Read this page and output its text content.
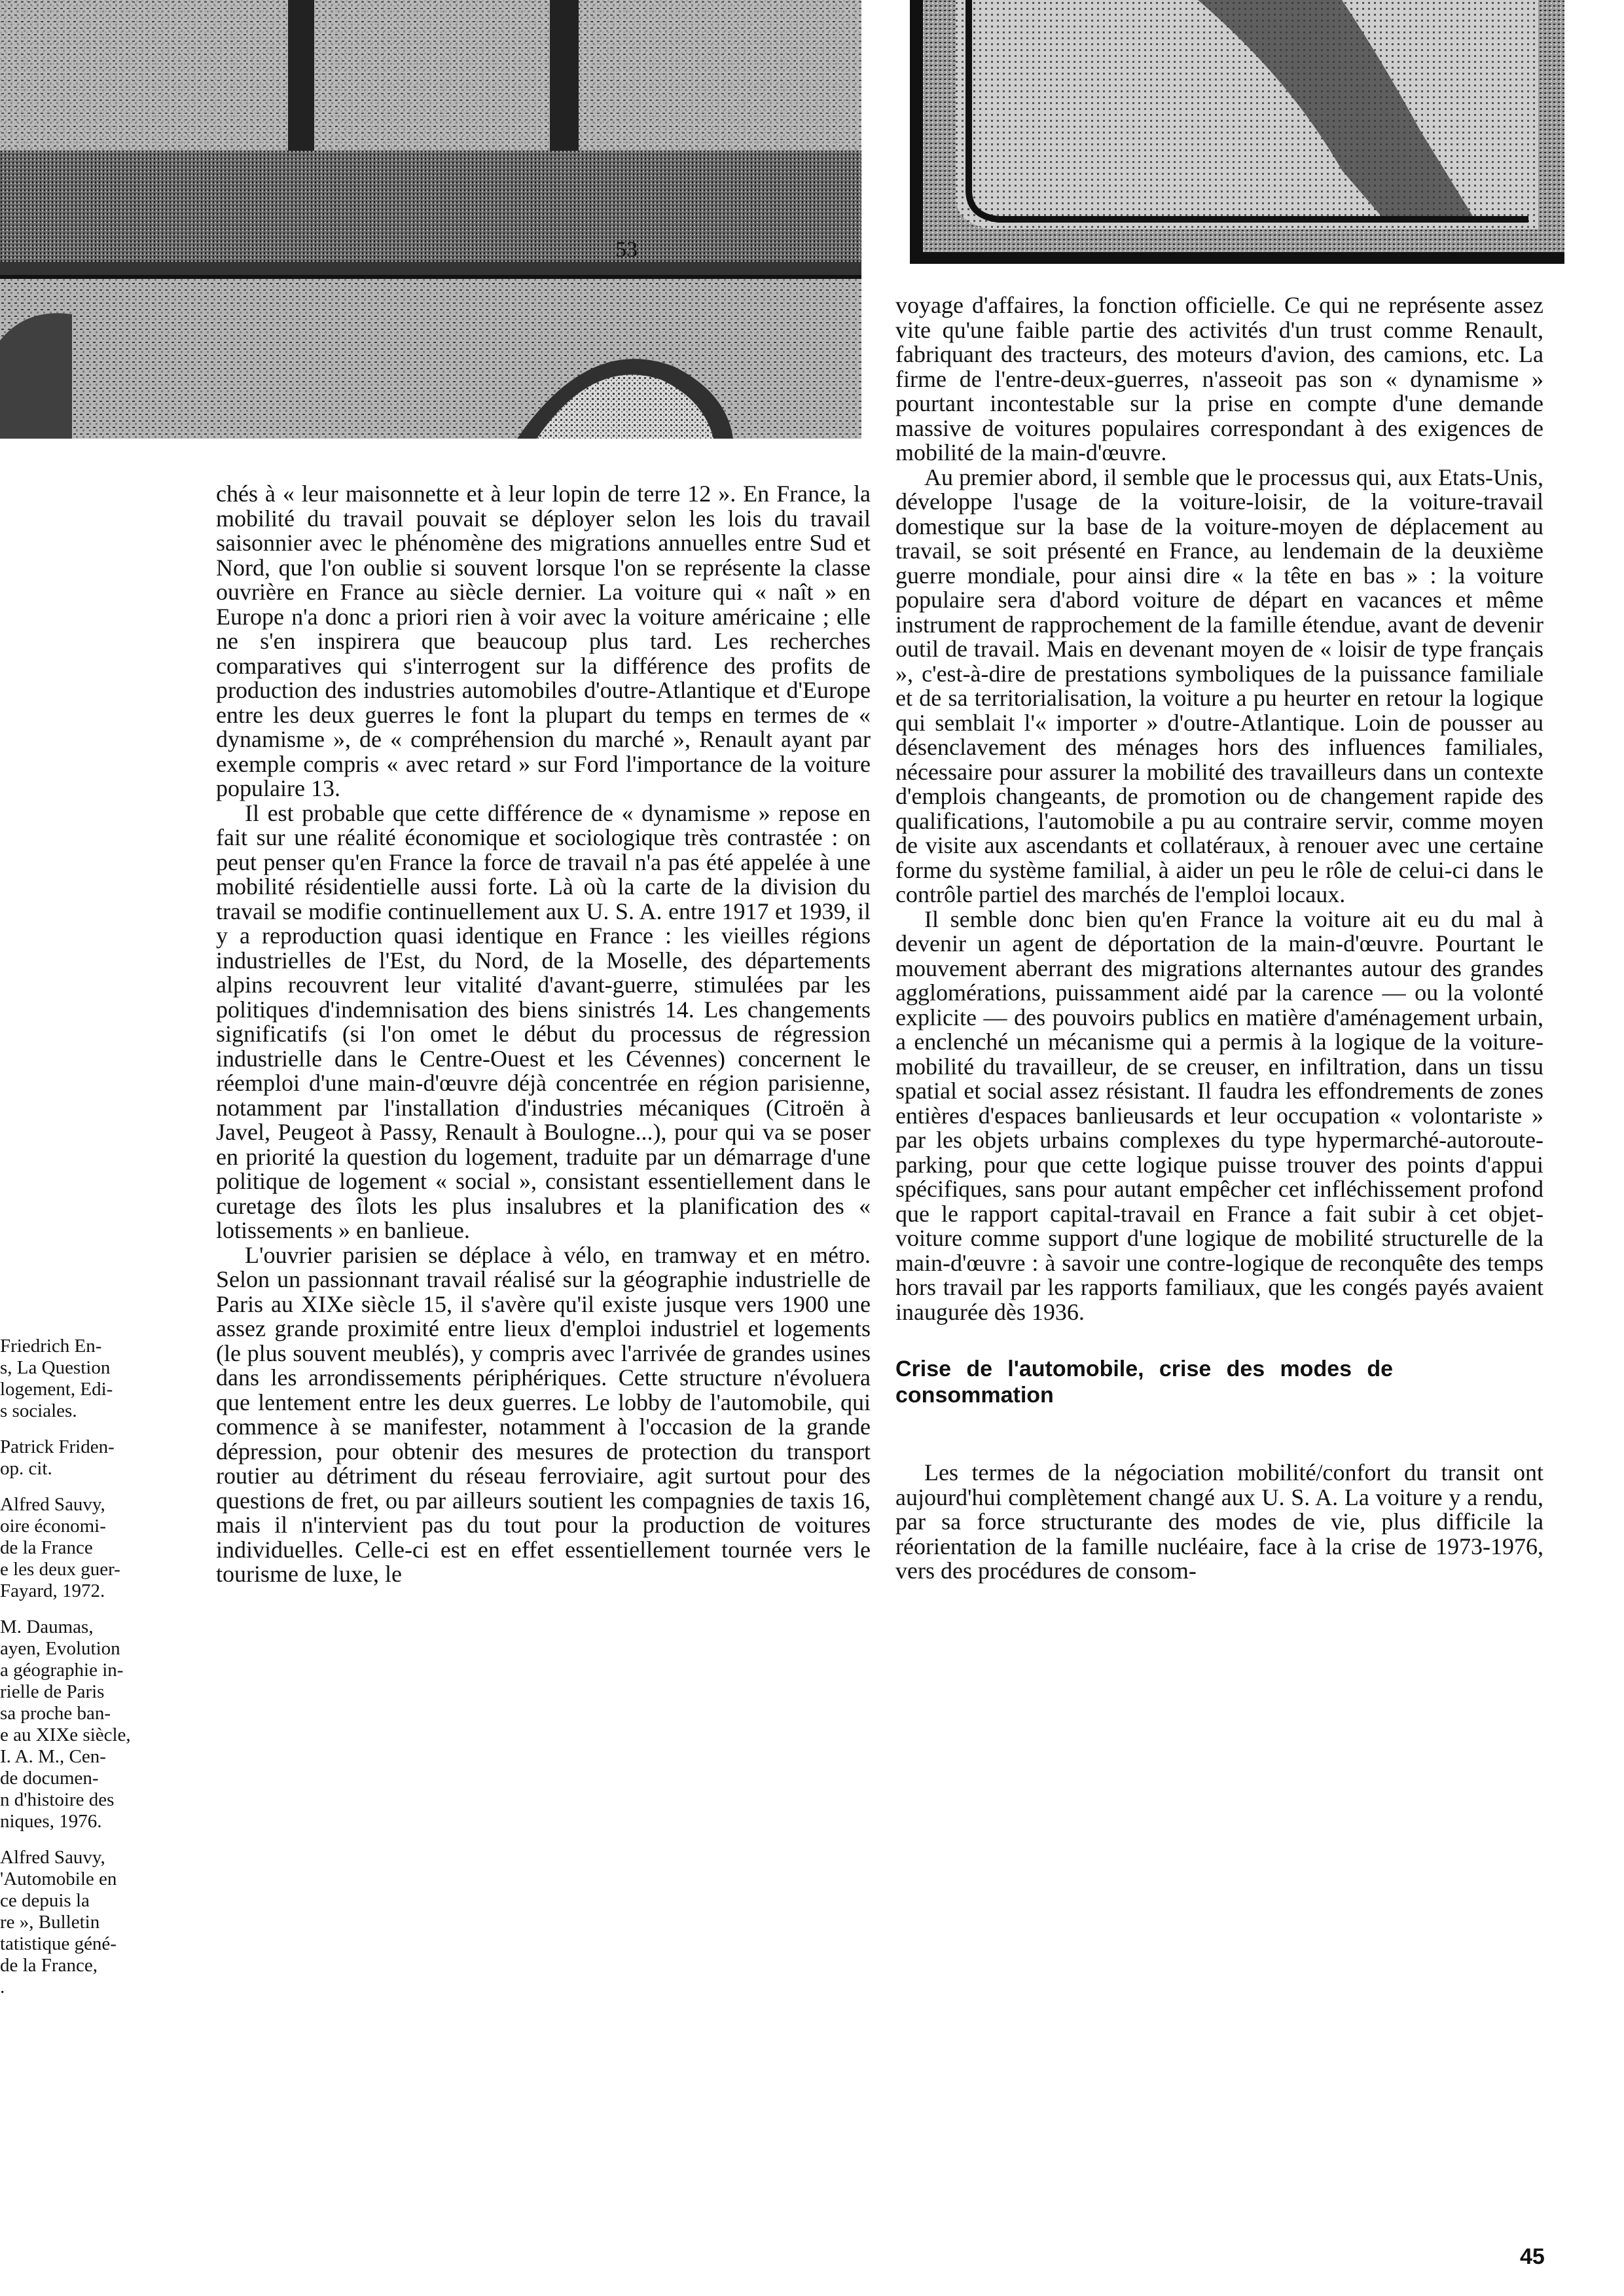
53

Friedrich En-
s, La Question
logement, Edi-
s sociales.

Patrick Friden-
op. cit.

Alfred Sauvy,
oire économi-
de la France
e les deux guer-
Fayard, 1972.

M. Daumas,
ayen, Evolution
a géographie in-
rielle de Paris
sa proche ban-
e au XIXe siècle,
I. A. M., Cen-
de documen-
n d'histoire des
niques, 1976.

Alfred Sauvy,
'Automobile en
ce depuis la
re », Bulletin
tatistique géné-
de la France,
.

chés à « leur maisonnette et à leur lopin de terre 12 ». En France, la mobilité du travail pouvait se déployer selon les lois du travail saisonnier avec le phénomène des migrations annuelles entre Sud et Nord, que l'on oublie si souvent lorsque l'on se représente la classe ouvrière en France au siècle dernier. La voiture qui « naît » en Europe n'a donc a priori rien à voir avec la voiture américaine ; elle ne s'en inspirera que beaucoup plus tard. Les recherches comparatives qui s'interrogent sur la différence des profits de production des industries automobiles d'outre-Atlantique et d'Europe entre les deux guerres le font la plupart du temps en termes de « dynamisme », de « compréhension du marché », Renault ayant par exemple compris « avec retard » sur Ford l'importance de la voiture populaire 13.

Il est probable que cette différence de « dynamisme » repose en fait sur une réalité économique et sociologique très contrastée : on peut penser qu'en France la force de travail n'a pas été appelée à une mobilité résidentielle aussi forte. Là où la carte de la division du travail se modifie continuellement aux U. S. A. entre 1917 et 1939, il y a reproduction quasi identique en France : les vieilles régions industrielles de l'Est, du Nord, de la Moselle, des départements alpins recouvrent leur vitalité d'avant-guerre, stimulées par les politiques d'indemnisation des biens sinistrés 14. Les changements significatifs (si l'on omet le début du processus de régression industrielle dans le Centre-Ouest et les Cévennes) concernent le réemploi d'une main-d'œuvre déjà concentrée en région parisienne, notamment par l'installation d'industries mécaniques (Citroën à Javel, Peugeot à Passy, Renault à Boulogne...), pour qui va se poser en priorité la question du logement, traduite par un démarrage d'une politique de logement « social », consistant essentiellement dans le curetage des îlots les plus insalubres et la planification des « lotissements » en banlieue.

L'ouvrier parisien se déplace à vélo, en tramway et en métro. Selon un passionnant travail réalisé sur la géographie industrielle de Paris au XIXe siècle 15, il s'avère qu'il existe jusque vers 1900 une assez grande proximité entre lieux d'emploi industriel et logements (le plus souvent meublés), y compris avec l'arrivée de grandes usines dans les arrondissements périphériques. Cette structure n'évoluera que lentement entre les deux guerres. Le lobby de l'automobile, qui commence à se manifester, notamment à l'occasion de la grande dépression, pour obtenir des mesures de protection du transport routier au détriment du réseau ferroviaire, agit surtout pour des questions de fret, ou par ailleurs soutient les compagnies de taxis 16, mais il n'intervient pas du tout pour la production de voitures individuelles. Celle-ci est en effet essentiellement tournée vers le tourisme de luxe, le

voyage d'affaires, la fonction officielle. Ce qui ne représente assez vite qu'une faible partie des activités d'un trust comme Renault, fabriquant des tracteurs, des moteurs d'avion, des camions, etc. La firme de l'entre-deux-guerres, n'asseoit pas son « dynamisme » pourtant incontestable sur la prise en compte d'une demande massive de voitures populaires correspondant à des exigences de mobilité de la main-d'œuvre.

Au premier abord, il semble que le processus qui, aux Etats-Unis, développe l'usage de la voiture-loisir, de la voiture-travail domestique sur la base de la voiture-moyen de déplacement au travail, se soit présenté en France, au lendemain de la deuxième guerre mondiale, pour ainsi dire « la tête en bas » : la voiture populaire sera d'abord voiture de départ en vacances et même instrument de rapprochement de la famille étendue, avant de devenir outil de travail. Mais en devenant moyen de « loisir de type français », c'est-à-dire de prestations symboliques de la puissance familiale et de sa territorialisation, la voiture a pu heurter en retour la logique qui semblait l'« importer » d'outre-Atlantique. Loin de pousser au désenclavement des ménages hors des influences familiales, nécessaire pour assurer la mobilité des travailleurs dans un contexte d'emplois changeants, de promotion ou de changement rapide des qualifications, l'automobile a pu au contraire servir, comme moyen de visite aux ascendants et collatéraux, à renouer avec une certaine forme du système familial, à aider un peu le rôle de celui-ci dans le contrôle partiel des marchés de l'emploi locaux.

Il semble donc bien qu'en France la voiture ait eu du mal à devenir un agent de déportation de la main-d'œuvre. Pourtant le mouvement aberrant des migrations alternantes autour des grandes agglomérations, puissamment aidé par la carence — ou la volonté explicite — des pouvoirs publics en matière d'aménagement urbain, a enclenché un mécanisme qui a permis à la logique de la voiture-mobilité du travailleur, de se creuser, en infiltration, dans un tissu spatial et social assez résistant. Il faudra les effondrements de zones entières d'espaces banlieusards et leur occupation « volontariste » par les objets urbains complexes du type hypermarché-autoroute-parking, pour que cette logique puisse trouver des points d'appui spécifiques, sans pour autant empêcher cet infléchissement profond que le rapport capital-travail en France a fait subir à cet objet-voiture comme support d'une logique de mobilité structurelle de la main-d'œuvre : à savoir une contre-logique de reconquête des temps hors travail par les rapports familiaux, que les congés payés avaient inaugurée dès 1936.

Crise de l'automobile, crise des modes de consommation

Les termes de la négociation mobilité/confort du transit ont aujourd'hui complètement changé aux U. S. A. La voiture y a rendu, par sa force structurante des modes de vie, plus difficile la réorientation de la famille nucléaire, face à la crise de 1973-1976, vers des procédures de consom-

45
